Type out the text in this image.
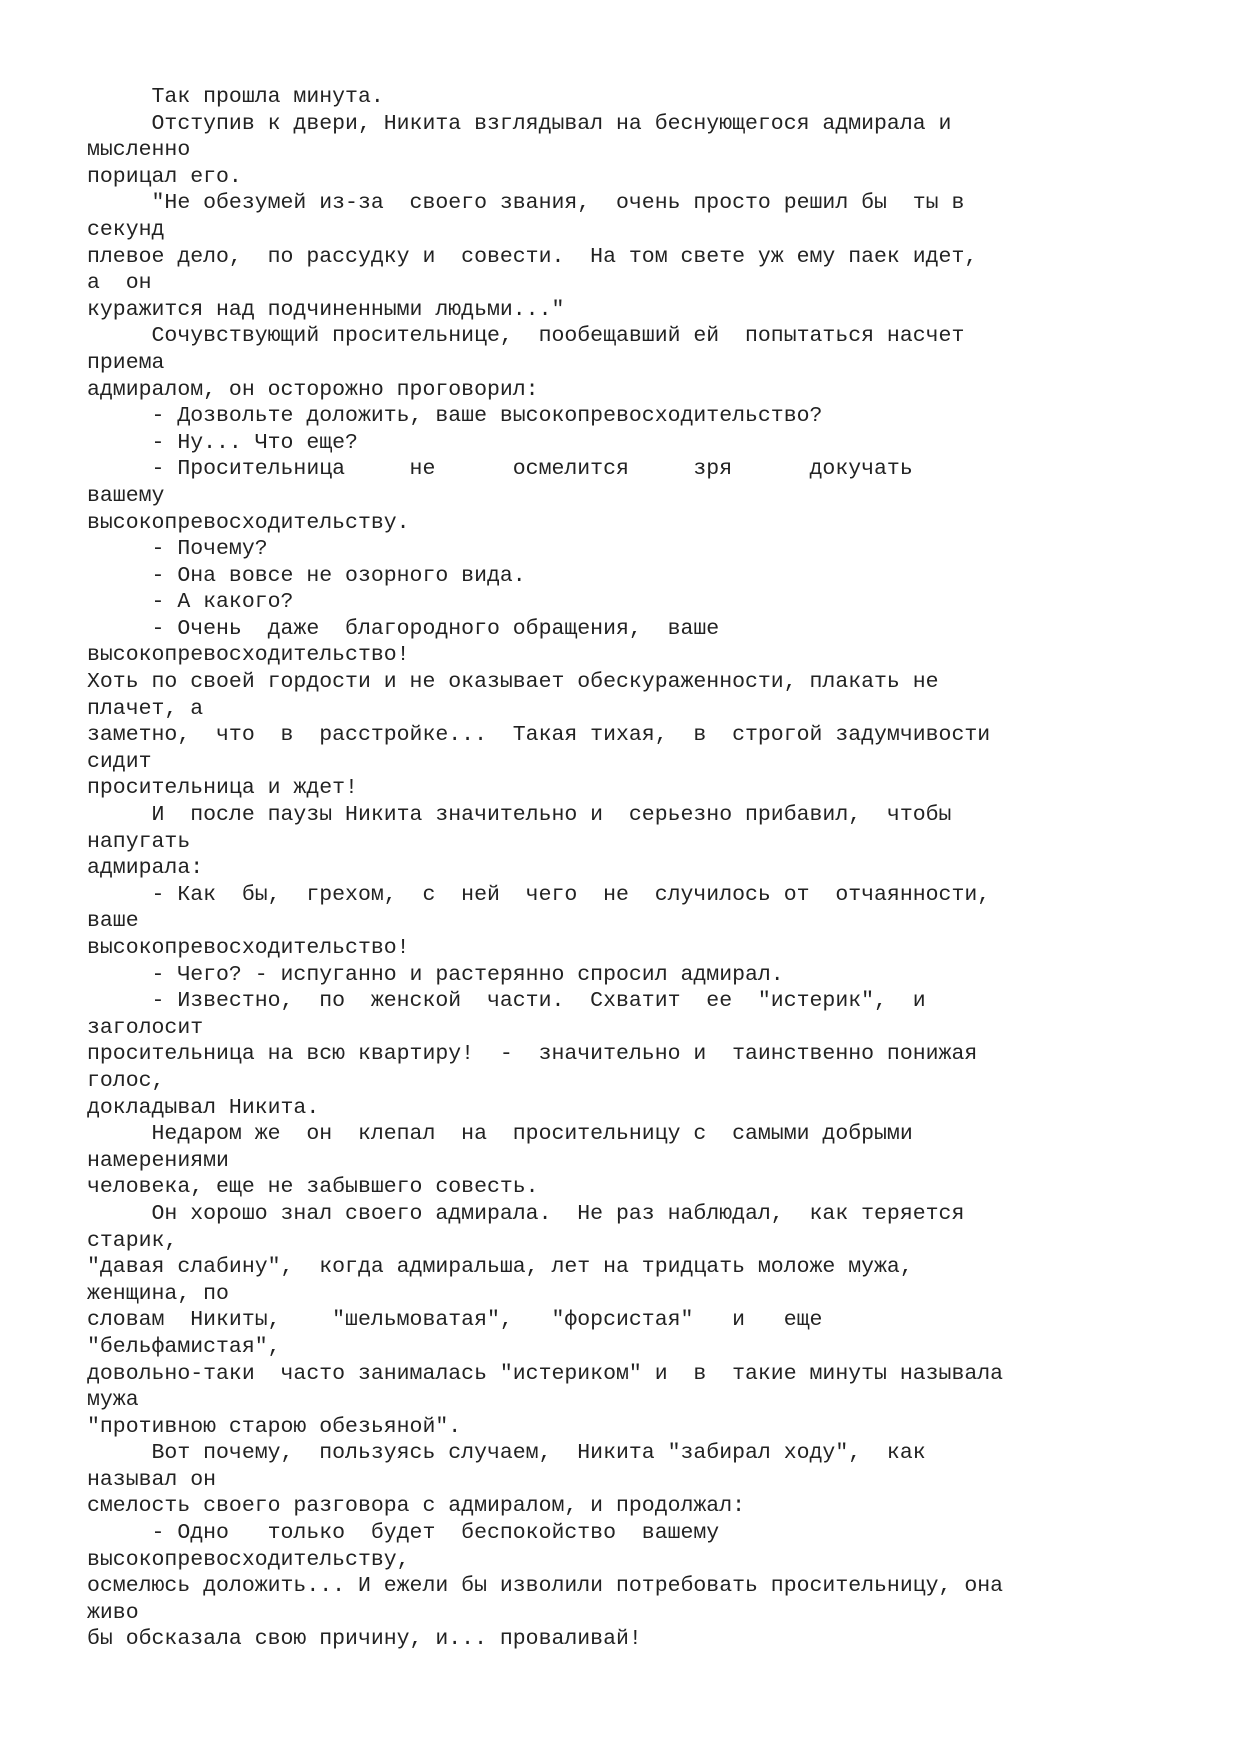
Так прошла минута.
Отступив к двери, Никита взглядывал на беснующегося адмирала и
мысленно
порицал его.
"Не обезумей из-за  своего звания,  очень просто решил бы  ты в
секунд
плевое дело,  по рассудку и  совести.  На том свете уж ему паек идет,
а  он
куражится над подчиненными людьми..."
Сочувствующий просительнице,  пообещавший ей  попытаться насчет
приема
адмиралом, он осторожно проговорил:
- Дозвольте доложить, ваше высокопревосходительство?
- Ну... Что еще?
- Просительница     не      осмелится     зря      докучать
вашему
высокопревосходительству.
- Почему?
- Она вовсе не озорного вида.
- А какого?
- Очень  даже  благородного обращения,  ваше
высокопревосходительство!
Хоть по своей гордости и не оказывает обескураженности, плакать не
плачет, а
заметно,  что  в  расстройке...  Такая тихая,  в  строгой задумчивости
сидит
просительница и ждет!
И  после паузы Никита значительно и  серьезно прибавил,  чтобы
напугать
адмирала:
- Как  бы,  грехом,  с  ней  чего  не  случилось от  отчаянности,
ваше
высокопревосходительство!
- Чего? - испуганно и растерянно спросил адмирал.
- Известно,  по  женской  части.  Схватит  ее  "истерик",  и
заголосит
просительница на всю квартиру!  -  значительно и  таинственно понижая
голос,
докладывал Никита.
Недаром же  он  клепал  на  просительницу с  самыми добрыми
намерениями
человека, еще не забывшего совесть.
Он хорошо знал своего адмирала.  Не раз наблюдал,  как теряется
старик,
"давая слабину",  когда адмиральша, лет на тридцать моложе мужа,
женщина, по
словам  Никиты,    "шельмоватая",   "форсистая"   и   еще
"бельфамистая",
довольно-таки  часто занималась "истериком" и  в  такие минуты называла
мужа
"противною старою обезьяной".
Вот почему,  пользуясь случаем,  Никита "забирал ходу",  как
называл он
смелость своего разговора с адмиралом, и продолжал:
- Одно   только  будет  беспокойство  вашему
высокопревосходительству,
осмелюсь доложить... И ежели бы изволили потребовать просительницу, она
живо
бы обсказала свою причину, и... проваливай!
